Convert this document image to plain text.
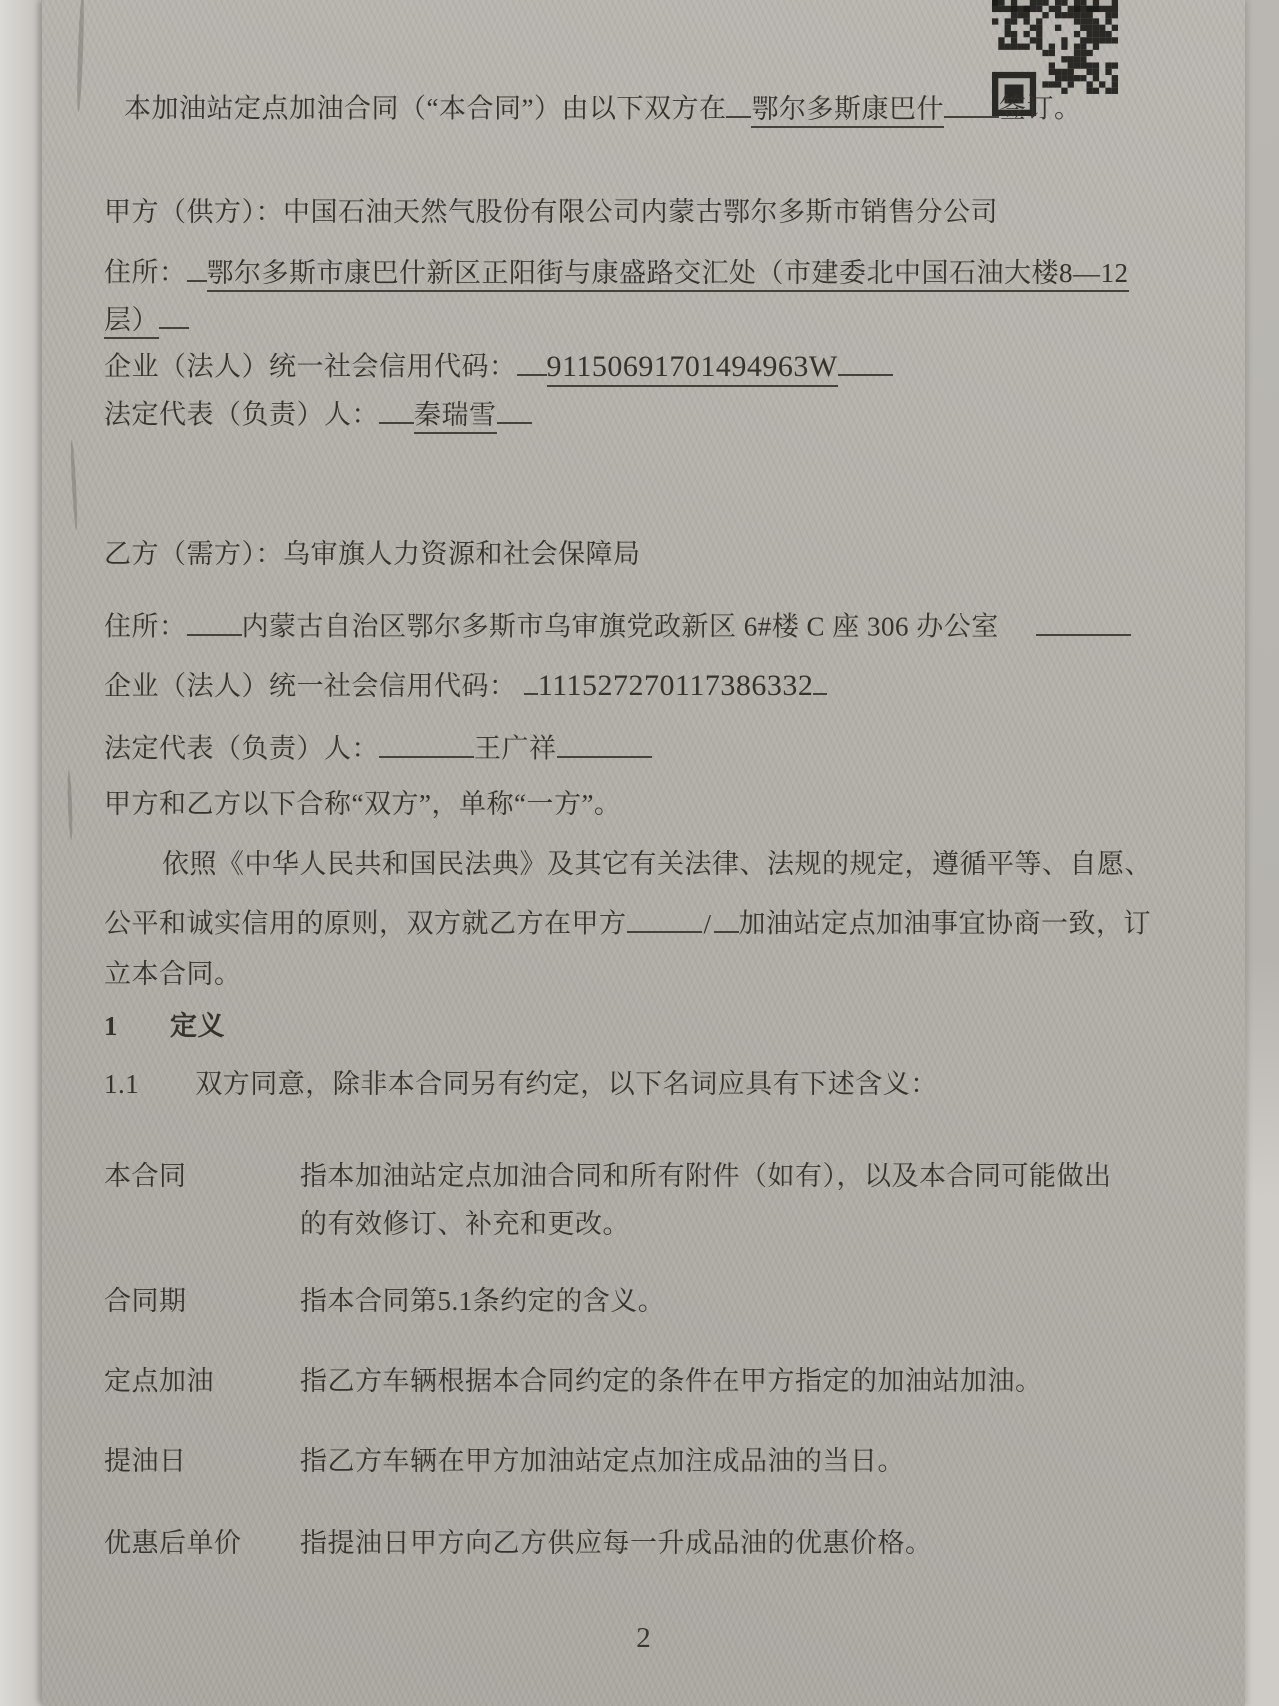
本加油站定点加油合同（“本合同”）由以下双方在 鄂尔多斯康巴什 签订。
甲方（供方）：中国石油天然气股份有限公司内蒙古鄂尔多斯市销售分公司
住所： 鄂尔多斯市康巴什新区正阳街与康盛路交汇处（市建委北中国石油大楼8—12
层）
企业（法人）统一社会信用代码： 91150691701494963W
法定代表（负责）人： 秦瑞雪
乙方（需方）：乌审旗人力资源和社会保障局
住所： 内蒙古自治区鄂尔多斯市乌审旗党政新区 6#楼 C 座 306 办公室
企业（法人）统一社会信用代码： 111527270117386332
法定代表（负责）人：	王广祥
甲方和乙方以下合称“双方”，单称“一方”。
依照《中华人民共和国民法典》及其它有关法律、法规的规定，遵循平等、自愿、
公平和诚实信用的原则，双方就乙方在甲方	/ 加油站定点加油事宜协商一致，订
立本合同。
1 定义
1.1 双方同意，除非本合同另有约定，以下名词应具有下述含义：
本合同	指本加油站定点加油合同和所有附件（如有），以及本合同可能做出
的有效修订、补充和更改。
合同期	指本合同第5.1条约定的含义。
定点加油	指乙方车辆根据本合同约定的条件在甲方指定的加油站加油。
提油日	指乙方车辆在甲方加油站定点加注成品油的当日。
优惠后单价 指提油日甲方向乙方供应每一升成品油的优惠价格。
2
